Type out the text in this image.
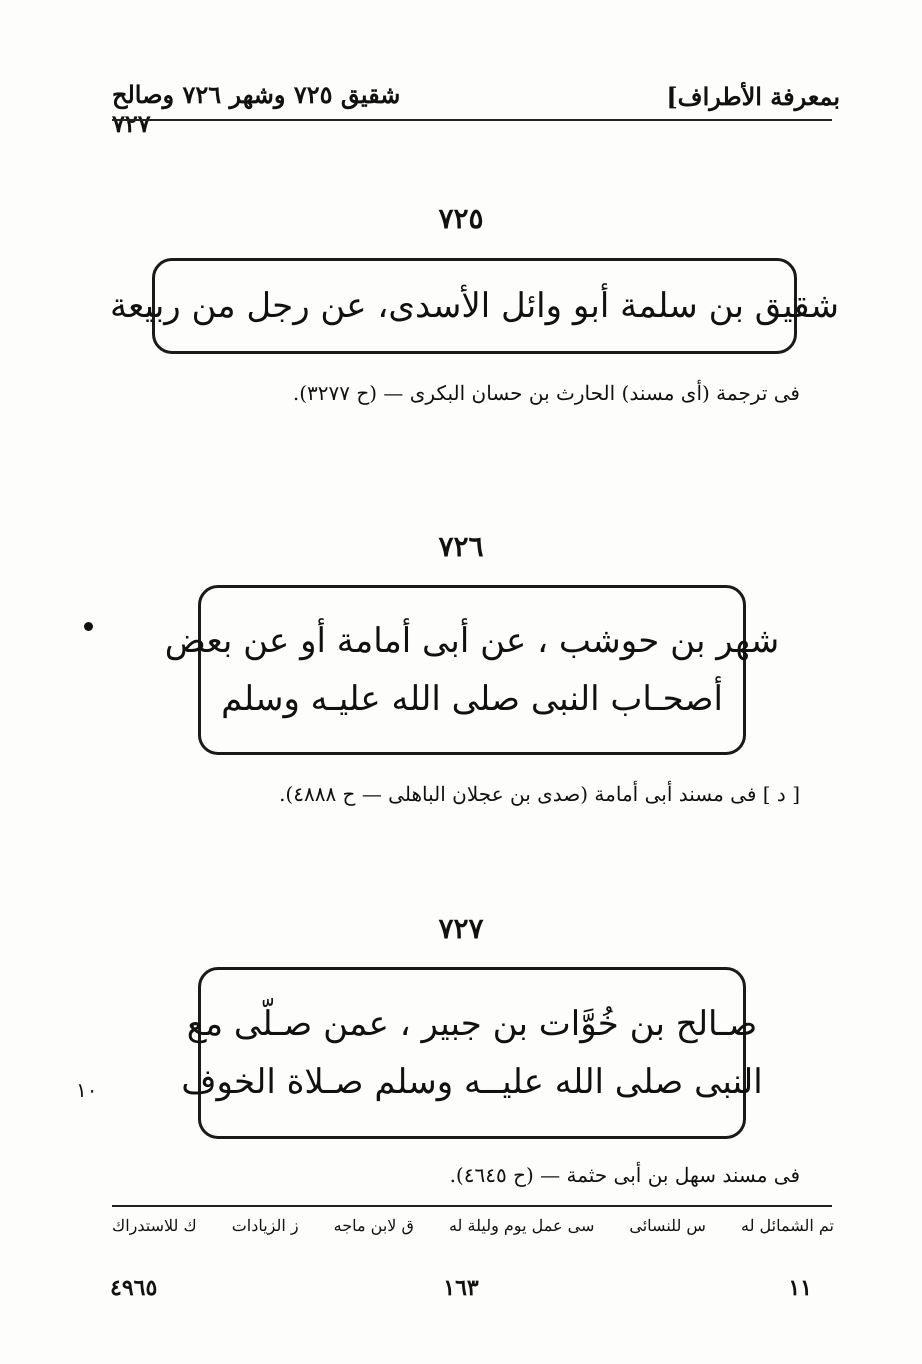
بمعرفة الأطراف]
شقيق ٧٢٥ وشهر ٧٢٦ وصالح ٧٢٧
٧٢٥
شقيق بن سلمة أبو وائل الأسدى، عن رجل من ربيعة
فى ترجمة (أى مسند) الحارث بن حسان البكرى — (ح ٣٢٧٧).
٧٢٦
شهر بن حوشب ، عن أبى أمامة أو عن بعض
أصحـاب النبى صلى الله عليـه وسلم
[ د ] فى مسند أبى أمامة (صدى بن عجلان الباهلى — ح ٤٨٨٨).
٧٢٧
١٠
صـالح بن خُوَّات بن جبير ، عمن صـلّى مع
النبى صلى الله عليــه وسلم صـلاة الخوف
فى مسند سهل بن أبى حثمة — (ح ٤٦٤٥).
تم الشمائل له
س للنسائى
سى عمل يوم وليلة له
ق لابن ماجه
ز الزيادات
ك للاستدراك
١١
١٦٣
٤٩٦٥
